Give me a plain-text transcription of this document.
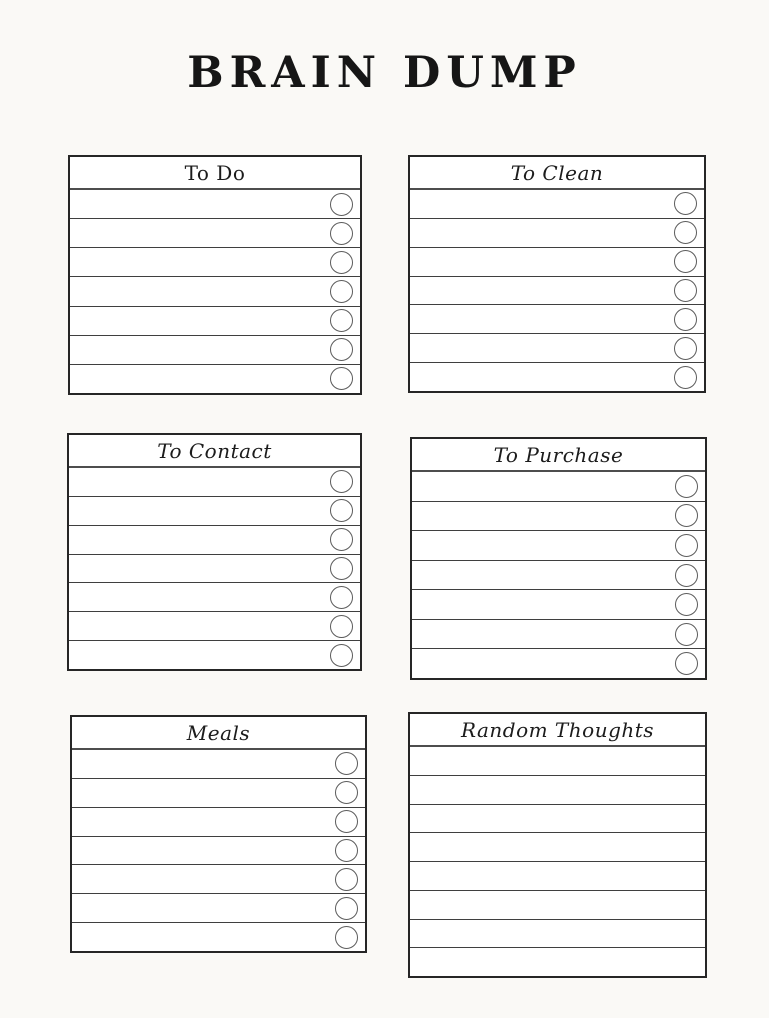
BRAIN DUMP
To Do	To Clean
To Contact	To Purchase
Meals	Random Thoughts
